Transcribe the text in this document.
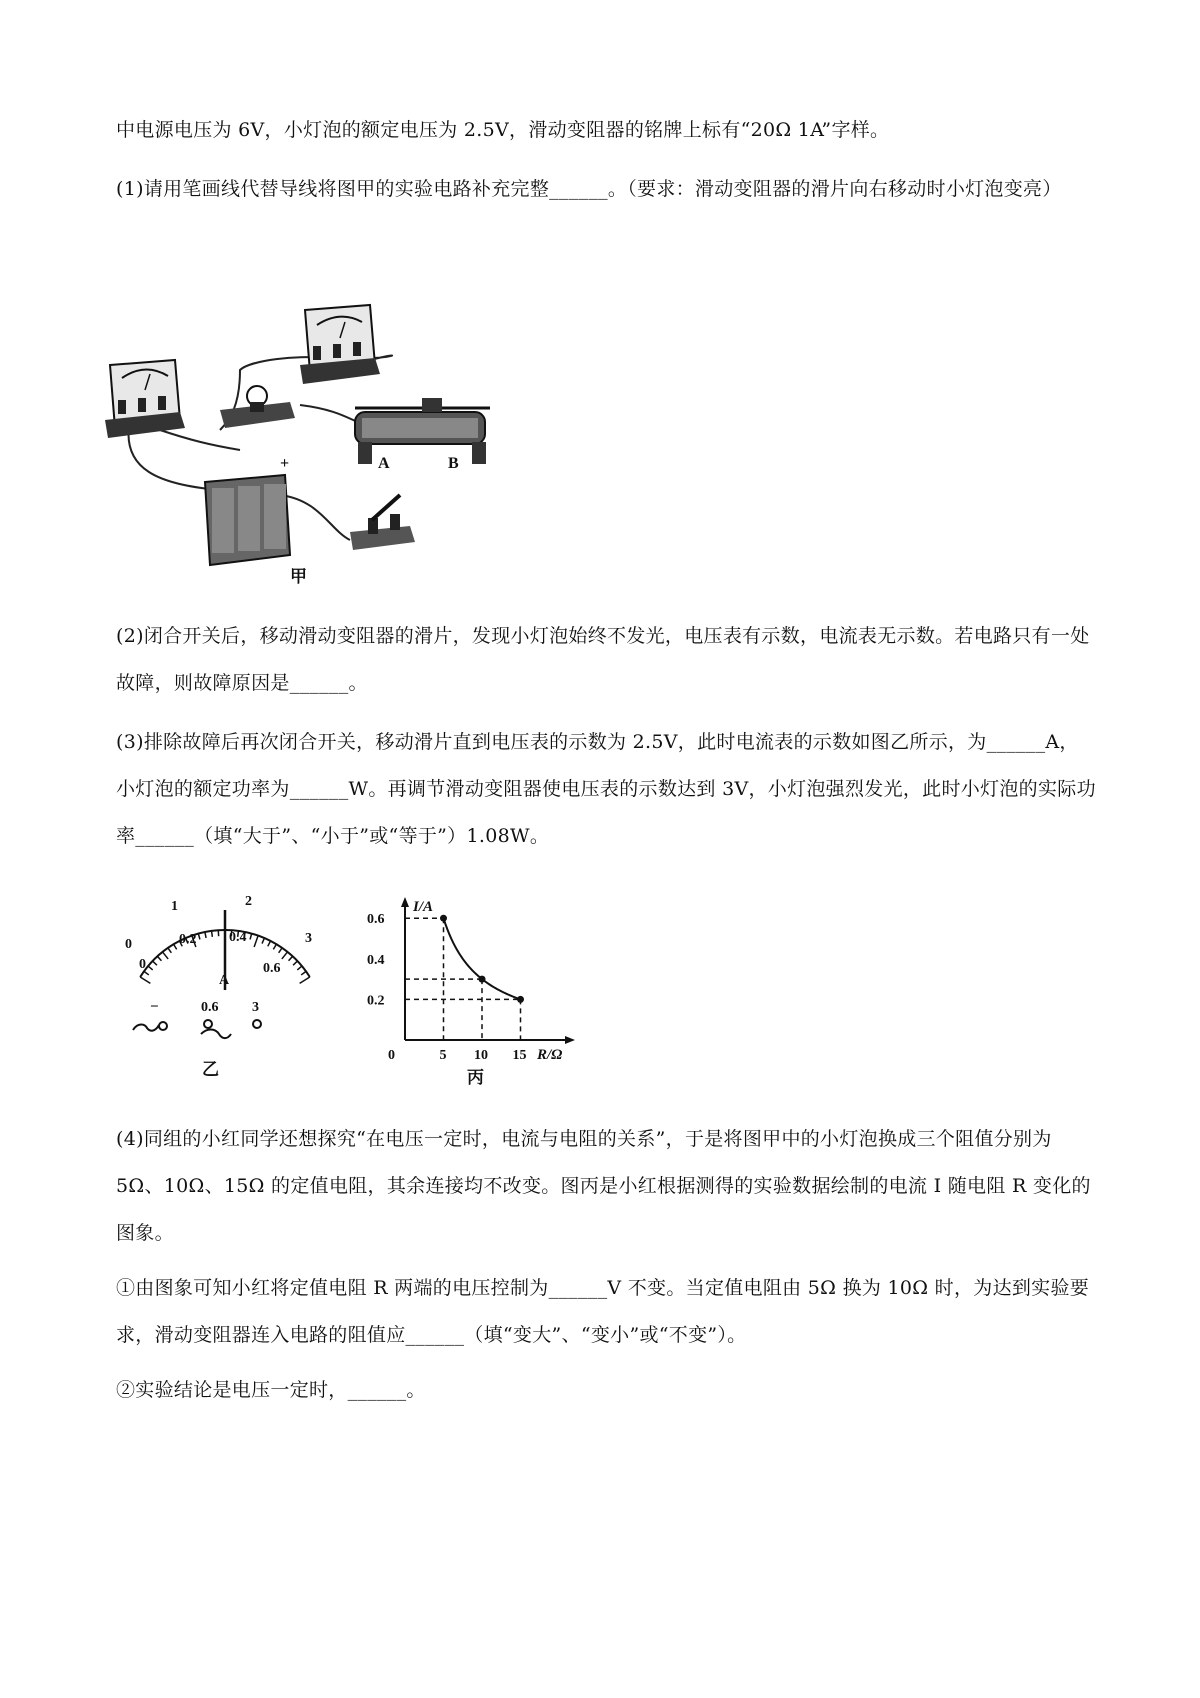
中电源电压为 6V，小灯泡的额定电压为 2.5V，滑动变阻器的铭牌上标有“20Ω 1A”字样。

(1)请用笔画线代替导线将图甲的实验电路补充完整______。（要求：滑动变阻器的滑片向右移动时小灯泡变亮）

A	B
+
甲

(2)闭合开关后，移动滑动变阻器的滑片，发现小灯泡始终不发光，电压表有示数，电流表无示数。若电路只有一处故障，则故障原因是______。

(3)排除故障后再次闭合开关，移动滑片直到电压表的示数为 2.5V，此时电流表的示数如图乙所示，为______A，小灯泡的额定功率为______W。再调节滑动变阻器使电压表的示数达到 3V，小灯泡强烈发光，此时小灯泡的实际功率______（填“大于”、“小于”或“等于”）1.08W。

0
1	2
3
0
0.2 0.4
0.6
A
−	0.6 3
乙
I/A
R/Ω
0	5 10 15
0.2
0.4
0.6
丙

(4)同组的小红同学还想探究“在电压一定时，电流与电阻的关系”，于是将图甲中的小灯泡换成三个阻值分别为 5Ω、10Ω、15Ω 的定值电阻，其余连接均不改变。图丙是小红根据测得的实验数据绘制的电流 I 随电阻 R 变化的图象。

①由图象可知小红将定值电阻 R 两端的电压控制为______V 不变。当定值电阻由 5Ω 换为 10Ω 时，为达到实验要求，滑动变阻器连入电路的阻值应______（填“变大”、“变小”或“不变”）。

②实验结论是电压一定时，______。
